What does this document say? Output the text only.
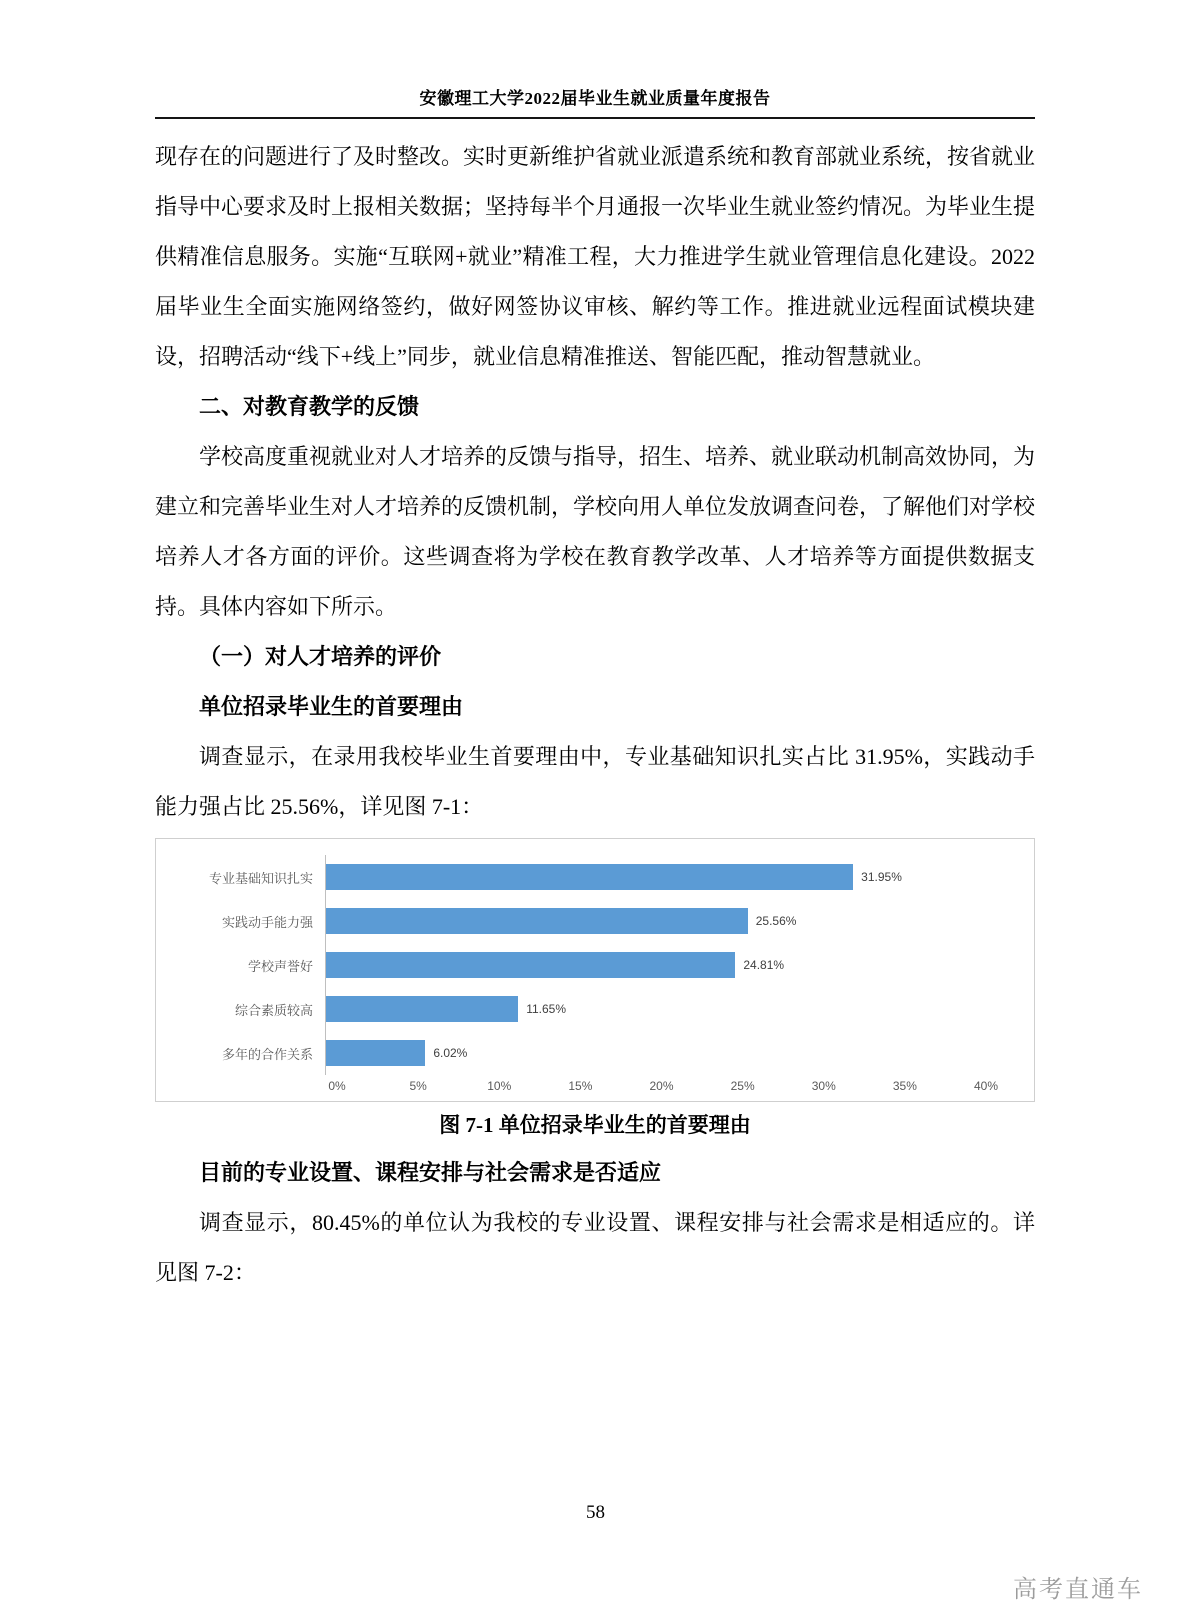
安徽理工大学2022届毕业生就业质量年度报告

现存在的问题进行了及时整改。实时更新维护省就业派遣系统和教育部就业系统，按省就业指导中心要求及时上报相关数据；坚持每半个月通报一次毕业生就业签约情况。为毕业生提供精准信息服务。实施“互联网+就业”精准工程，大力推进学生就业管理信息化建设。2022届毕业生全面实施网络签约，做好网签协议审核、解约等工作。推进就业远程面试模块建设，招聘活动“线下+线上”同步，就业信息精准推送、智能匹配，推动智慧就业。

二、对教育教学的反馈

学校高度重视就业对人才培养的反馈与指导，招生、培养、就业联动机制高效协同，为建立和完善毕业生对人才培养的反馈机制，学校向用人单位发放调查问卷，了解他们对学校培养人才各方面的评价。这些调查将为学校在教育教学改革、人才培养等方面提供数据支持。具体内容如下所示。

（一）对人才培养的评价
单位招录毕业生的首要理由

调查显示，在录用我校毕业生首要理由中，专业基础知识扎实占比 31.95%，实践动手能力强占比 25.56%，详见图 7-1：

专业基础知识扎实	31.95%
实践动手能力强	25.56%
学校声誉好	24.81%
综合素质较高	11.65%
多年的合作关系	6.02%
0%	5%	10%	15%	20%	25%	30%	35%	40%
图 7-1 单位招录毕业生的首要理由
目前的专业设置、课程安排与社会需求是否适应

调查显示，80.45%的单位认为我校的专业设置、课程安排与社会需求是相适应的。详见图 7-2：

58
高考直通车
